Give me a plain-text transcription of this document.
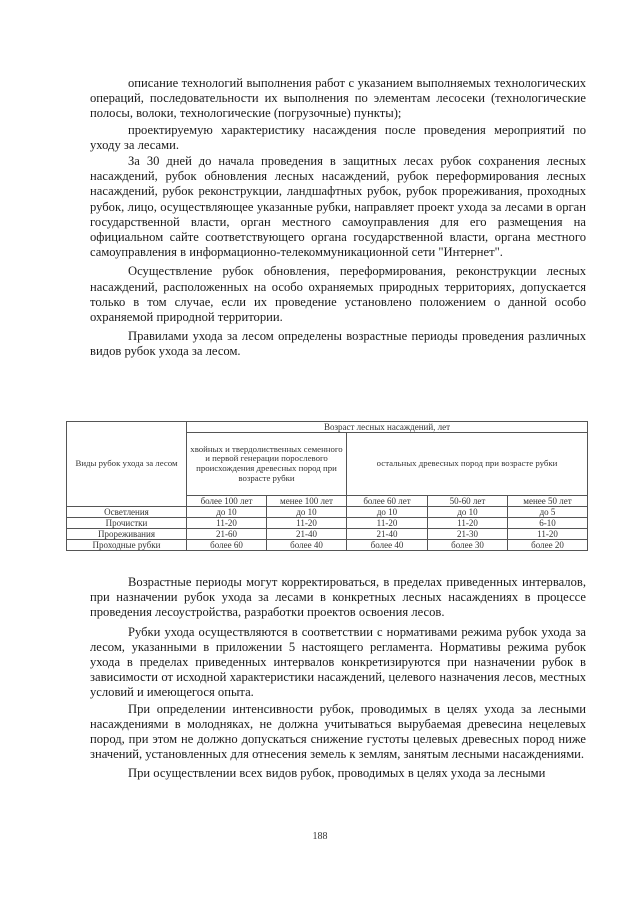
описание технологий выполнения работ с указанием выполняемых технологических операций, последовательности их выполнения по элементам лесосеки (технологические полосы, волоки, технологические (погрузочные) пункты);

проектируемую характеристику насаждения после проведения мероприятий по уходу за лесами.

За 30 дней до начала проведения в защитных лесах рубок сохранения лесных насаждений, рубок обновления лесных насаждений, рубок переформирования лесных насаждений, рубок реконструкции, ландшафтных рубок, рубок прореживания, проходных рубок, лицо, осуществляющее указанные рубки, направляет проект ухода за лесами в орган государственной власти, орган местного самоуправления для его размещения на официальном сайте соответствующего органа государственной власти, органа местного самоуправления в информационно-телекоммуникационной сети "Интернет".

Осуществление рубок обновления, переформирования, реконструкции лесных насаждений, расположенных на особо охраняемых природных территориях, допускается только в том случае, если их проведение установлено положением о данной особо охраняемой природной территории.

Правилами ухода за лесом определены возрастные периоды проведения различных видов рубок ухода за лесом.

Виды рубок ухода за лесом	Возраст лесных насаждений, лет				
	хвойных и твердолиственных семенного и первой генерации порослевого происхождения древесных пород при возрасте рубки		остальных древесных пород при возрасте рубки		
	более 100 лет	менее 100 лет	более 60 лет	50-60 лет	менее 50 лет
Осветления	до 10	до 10	до 10	до 10	до 5
Прочистки	11-20	11-20	11-20	11-20	6-10
Прореживания	21-60	21-40	21-40	21-30	11-20
Проходные рубки	более 60	более 40	более 40	более 30	более 20

Возрастные периоды могут корректироваться, в пределах приведенных интервалов, при назначении рубок ухода за лесами в конкретных лесных насаждениях в процессе проведения лесоустройства, разработки проектов освоения лесов.

Рубки ухода осуществляются в соответствии с нормативами режима рубок ухода за лесом, указанными в приложении 5 настоящего регламента. Нормативы режима рубок ухода в пределах приведенных интервалов конкретизируются при назначении рубок в зависимости от исходной характеристики насаждений, целевого назначения лесов, местных условий и имеющегося опыта.

При определении интенсивности рубок, проводимых в целях ухода за лесными насаждениями в молодняках, не должна учитываться вырубаемая древесина нецелевых пород, при этом не должно допускаться снижение густоты целевых древесных пород ниже значений, установленных для отнесения земель к землям, занятым лесными насаждениями.

При осуществлении всех видов рубок, проводимых в целях ухода за лесными

188
